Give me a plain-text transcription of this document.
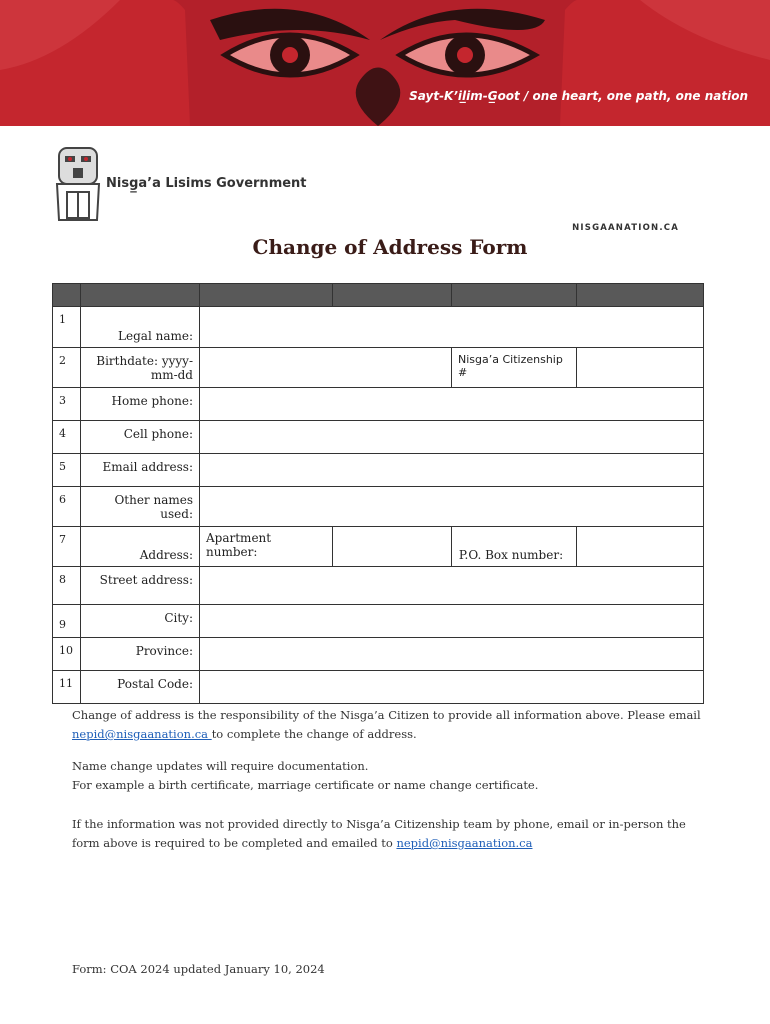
Sayt-K’il̲im-G̲oot / one heart, one path, one nation
Nisg̲a’a Lisims Government
NISGAANATION.CA
Change of Address Form

1	Legal name:				

2	Birthdate: yyyy-mm-dd			Nisga’a Citizenship #	

3	Home phone:				

4	Cell phone:				

5	Email address:				

6	Other names used:				

7	Address:	Apartment number:		P.O. Box number:	

8	Street address:				

9	City:				

10	Province:				

11	Postal Code:				
Change of address is the responsibility of the Nisga’a Citizen to provide all information above. Please email nepid@nisgaanation.ca to complete the change of address.
Name change updates will require documentation.
For example a birth certificate, marriage certificate or name change certificate.
If the information was not provided directly to Nisga’a Citizenship team by phone, email or in-person the form above is required to be completed and emailed to nepid@nisgaanation.ca
Form: COA 2024 updated January 10, 2024
